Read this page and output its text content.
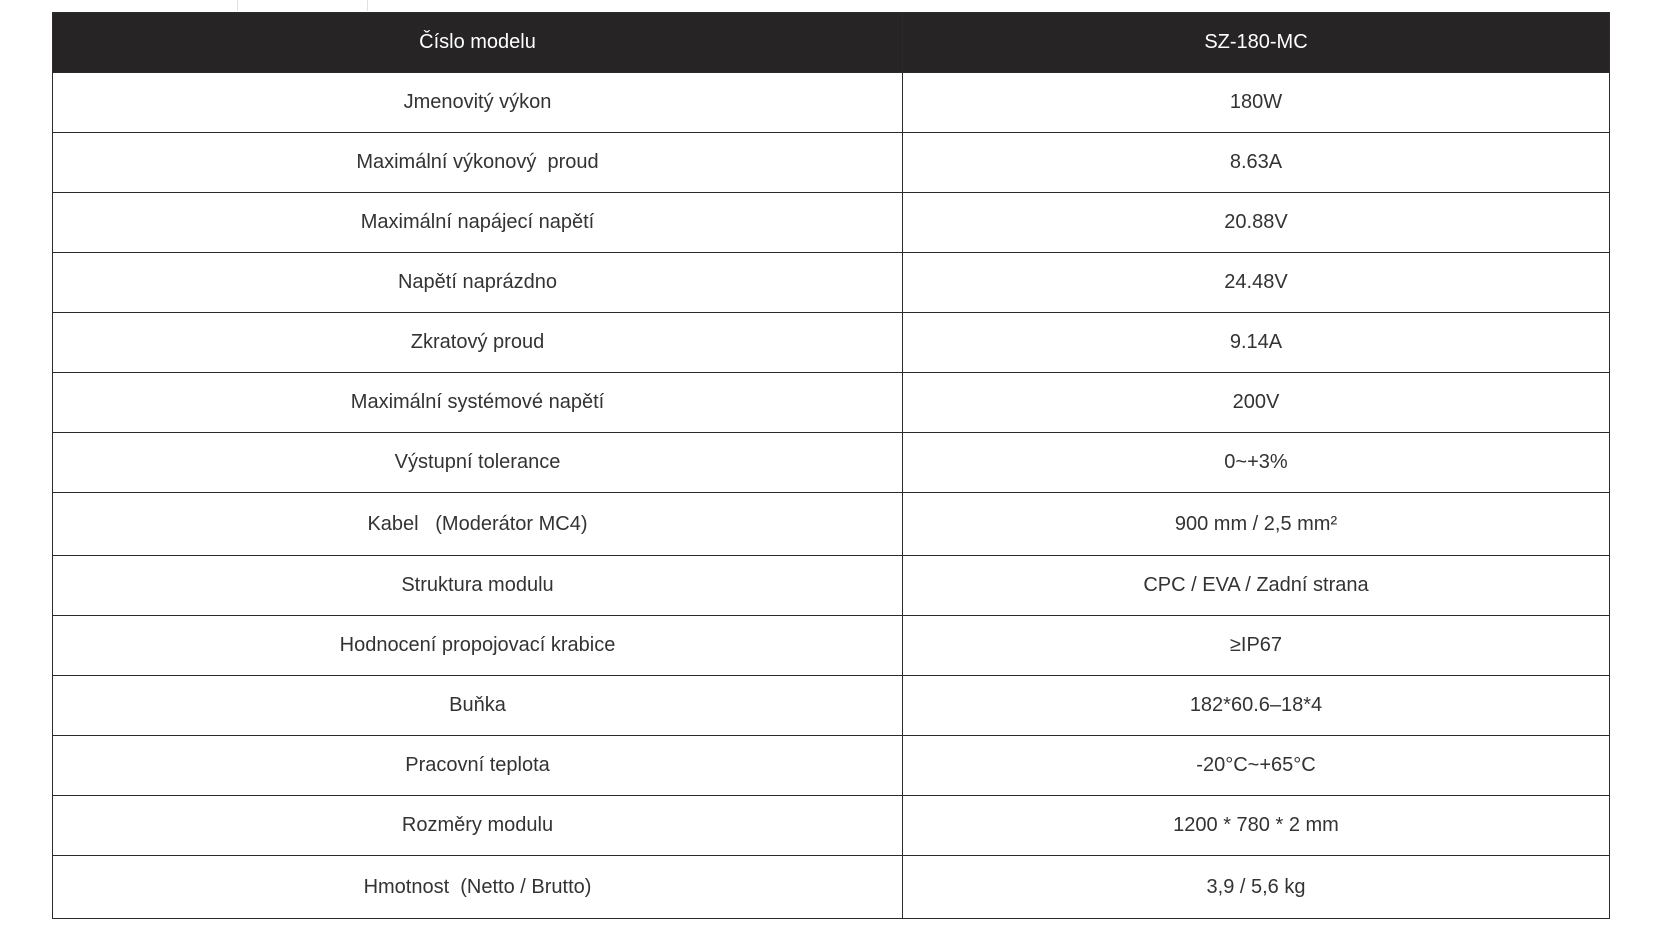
Číslo modelu	SZ-180-MC
Jmenovitý výkon	180W
Maximální výkonový  proud	8.63A
Maximální napájecí napětí	20.88V
Napětí naprázdno	24.48V
Zkratový proud	9.14A
Maximální systémové napětí	200V
Výstupní tolerance	0~+3%
Kabel   (Moderátor MC4)	900 mm / 2,5 mm²
Struktura modulu	CPC / EVA / Zadní strana
Hodnocení propojovací krabice	≥IP67
Buňka	182*60.6–18*4
Pracovní teplota	-20°C~+65°C
Rozměry modulu	1200 * 780 * 2 mm
Hmotnost  (Netto / Brutto)	3,9 / 5,6 kg
